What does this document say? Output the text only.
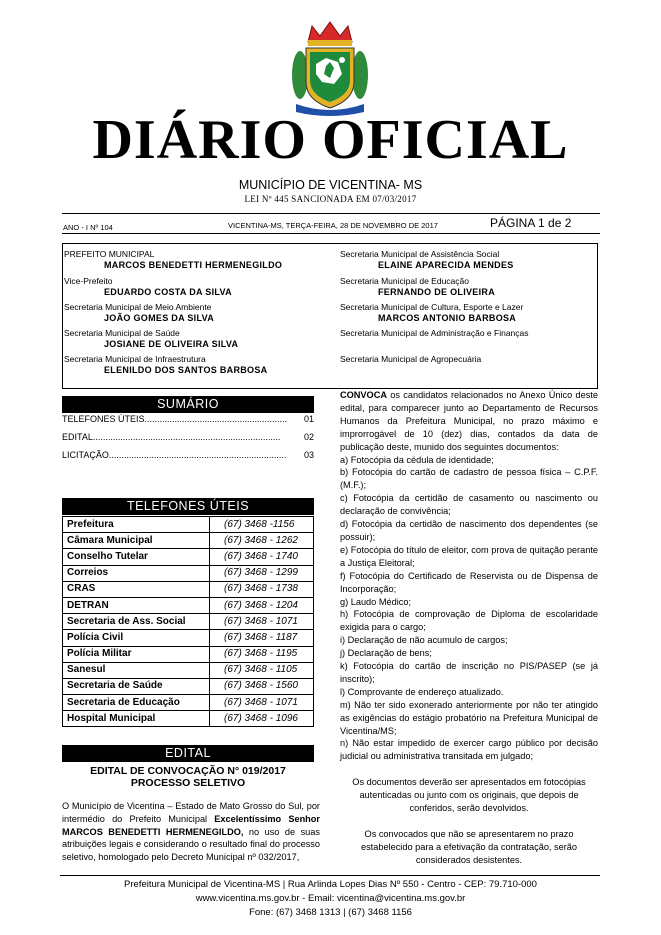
DIÁRIO OFICIAL
MUNICÍPIO DE VICENTINA- MS
LEI Nº 445 SANCIONADA EM 07/03/2017
ANO - I Nº 104	VICENTINA-MS, TERÇA-FEIRA, 28 DE NOVEMBRO DE 2017	PÁGINA 1 de 2
PREFEITO MUNICIPAL
MARCOS BENEDETTI HERMENEGILDO
Vice-Prefeito
EDUARDO COSTA DA SILVA
Secretaria Municipal de Meio Ambiente
JOÃO GOMES DA SILVA
Secretaria Municipal de Saúde
JOSIANE DE OLIVEIRA SILVA
Secretaria Municipal de Infraestrutura
ELENILDO DOS SANTOS BARBOSA
Secretaria Municipal de Assistência Social
ELAINE APARECIDA MENDES
Secretaria Municipal de Educação
FERNANDO DE OLIVEIRA
Secretaria Municipal de Cultura, Esporte e Lazer
MARCOS ANTONIO BARBOSA
Secretaria Municipal de Administração e Finanças
Secretaria Municipal de Agropecuária
SUMÁRIO
TELEFONES ÚTEIS......................................................... 01
EDITAL...........................................................................	02
LICITAÇÃO....................................................................... 03
TELEFONES ÚTEIS
Prefeitura	(67) 3468 -1156
Câmara Municipal	(67) 3468 - 1262
Conselho Tutelar	(67) 3468 - 1740
Correios	(67) 3468 - 1299
CRAS	(67) 3468 - 1738
DETRAN	(67) 3468 - 1204
Secretaria de Ass. Social	(67) 3468 - 1071
Polícia Civil	(67) 3468 - 1187
Polícia Militar	(67) 3468 - 1195
Sanesul	(67) 3468 - 1105
Secretaria de Saúde	(67) 3468 - 1560
Secretaria de Educação	(67) 3468 - 1071
Hospital Municipal	(67) 3468 - 1096
EDITAL
EDITAL DE CONVOCAÇÃO N° 019/2017
PROCESSO SELETIVO
O Município de Vicentina – Estado de Mato Grosso do Sul, por intermédio do Prefeito Municipal Excelentíssimo Senhor MARCOS BENEDETTI HERMENEGILDO, no uso de suas atribuições legais e considerando o resultado final do processo seletivo, homologado pelo Decreto Municipal nº 032/2017,

CONVOCA os candidatos relacionados no Anexo Único deste edital, para comparecer junto ao Departamento de Recursos Humanos da Prefeitura Municipal, no prazo máximo e improrrogável de 10 (dez) dias, contados da data de publicação deste, munido dos seguintes documentos:

a) Fotocópia da cédula de identidade;

b) Fotocópia do cartão de cadastro de pessoa física – C.P.F.(M.F.);

c) Fotocópia da certidão de casamento ou nascimento ou declaração de convivência;

d) Fotocópia da certidão de nascimento dos dependentes (se possuir);

e) Fotocópia do título de eleitor, com prova de quitação perante a Justiça Eleitoral;

f) Fotocópia do Certificado de Reservista ou de Dispensa de Incorporação;

g) Laudo Médico;

h) Fotocópia de comprovação de Diploma de escolaridade exigida para o cargo;

i) Declaração de não acumulo de cargos;

j) Declaração de bens;

k) Fotocópia do cartão de inscrição no PIS/PASEP (se já inscrito);

l) Comprovante de endereço atualizado.

m) Não ter sido exonerado anteriormente por não ter atingido as exigências do estágio probatório na Prefeitura Municipal de Vicentina/MS;

n) Não estar impedido de exercer cargo público por decisão judicial ou administrativa transitada em julgado;

Os documentos deverão ser apresentados em fotocópias autenticadas ou junto com os originais, que depois de conferidos, serão devolvidos.

Os convocados que não se apresentarem no prazo estabelecido para a efetivação da contratação, serão considerados desistentes.

Prefeitura Municipal de Vicentina-MS | Rua Arlinda Lopes Dias Nº 550 - Centro - CEP: 79.710-000
www.vicentina.ms.gov.br - Email: vicentina@vicentina.ms.gov.br
Fone: (67) 3468 1313 | (67) 3468 1156
